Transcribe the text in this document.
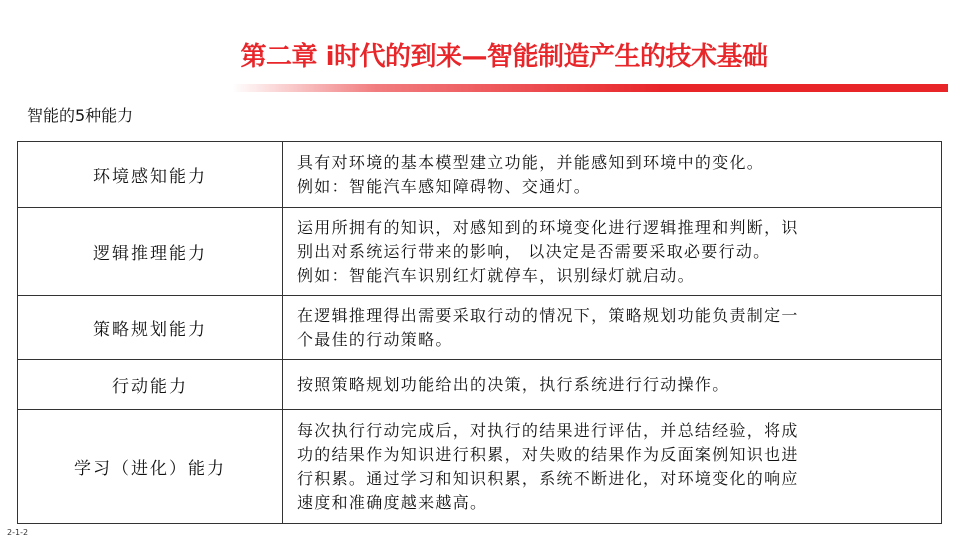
第二章 i时代的到来—智能制造产生的技术基础
智能的5种能力
环境感知能力	具有对环境的基本模型建立功能，并能感知到环境中的变化。
例如：智能汽车感知障碍物、交通灯。

逻辑推理能力	运用所拥有的知识，对感知到的环境变化进行逻辑推理和判断，识
别出对系统运行带来的影响， 以决定是否需要采取必要行动。
例如：智能汽车识别红灯就停车，识别绿灯就启动。

策略规划能力	在逻辑推理得出需要采取行动的情况下，策略规划功能负责制定一
个最佳的行动策略。

行动能力	按照策略规划功能给出的决策，执行系统进行行动操作。

学习（进化）能力	每次执行行动完成后，对执行的结果进行评估，并总结经验，将成
功的结果作为知识进行积累，对失败的结果作为反面案例知识也进
行积累。通过学习和知识积累，系统不断进化，对环境变化的响应
速度和准确度越来越高。
2-1-2
